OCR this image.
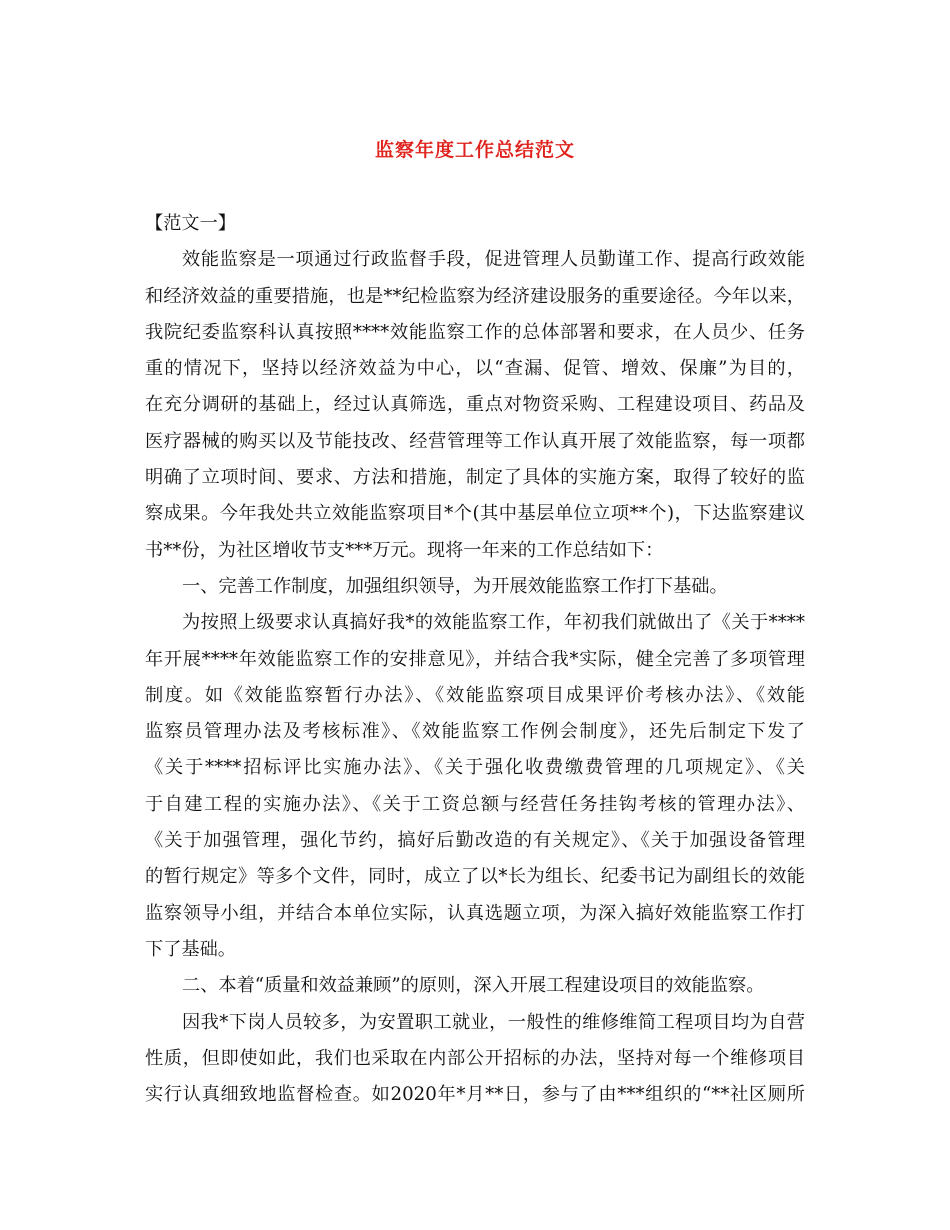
监察年度工作总结范文
【范文一】
效能监察是一项通过行政监督手段，促进管理人员勤谨工作、提高行政效能
和经济效益的重要措施，也是**纪检监察为经济建设服务的重要途径。今年以来，
我院纪委监察科认真按照****效能监察工作的总体部署和要求，在人员少、任务
重的情况下，坚持以经济效益为中心，以“查漏、促管、增效、保廉”为目的，
在充分调研的基础上，经过认真筛选，重点对物资采购、工程建设项目、药品及
医疗器械的购买以及节能技改、经营管理等工作认真开展了效能监察，每一项都
明确了立项时间、要求、方法和措施，制定了具体的实施方案，取得了较好的监
察成果。今年我处共立效能监察项目*个(其中基层单位立项**个)，下达监察建议
书**份，为社区增收节支***万元。现将一年来的工作总结如下：
一、完善工作制度，加强组织领导，为开展效能监察工作打下基础。
为按照上级要求认真搞好我*的效能监察工作，年初我们就做出了《关于****
年开展****年效能监察工作的安排意见》，并结合我*实际，健全完善了多项管理
制度。如《效能监察暂行办法》、《效能监察项目成果评价考核办法》、《效能
监察员管理办法及考核标准》、《效能监察工作例会制度》，还先后制定下发了
《关于****招标评比实施办法》、《关于强化收费缴费管理的几项规定》、《关
于自建工程的实施办法》、《关于工资总额与经营任务挂钩考核的管理办法》、
《关于加强管理，强化节约，搞好后勤改造的有关规定》、《关于加强设备管理
的暂行规定》等多个文件，同时，成立了以*长为组长、纪委书记为副组长的效能
监察领导小组，并结合本单位实际，认真选题立项，为深入搞好效能监察工作打
下了基础。
二、本着“质量和效益兼顾”的原则，深入开展工程建设项目的效能监察。
因我*下岗人员较多，为安置职工就业，一般性的维修维简工程项目均为自营
性质，但即使如此，我们也采取在内部公开招标的办法，坚持对每一个维修项目
实行认真细致地监督检查。如2020年*月**日，参与了由***组织的“**社区厕所
